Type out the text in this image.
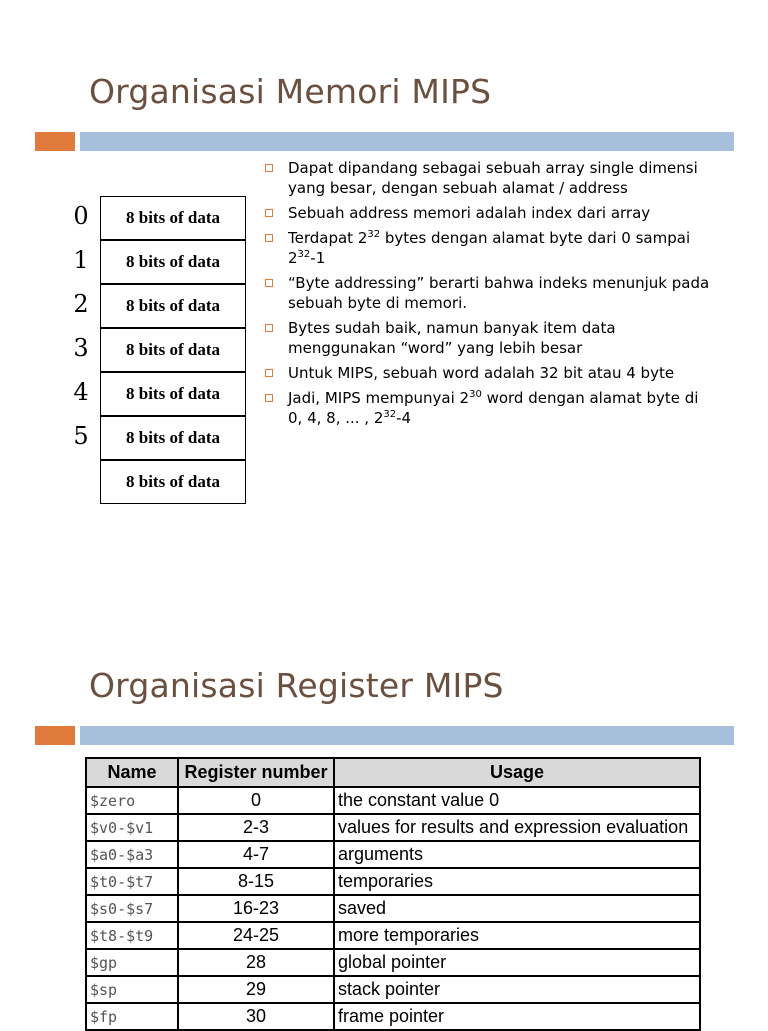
Organisasi Memori MIPS
0	8 bits of data
1	8 bits of data
2	8 bits of data
3	8 bits of data
4	8 bits of data
5	8 bits of data
8 bits of data
Dapat dipandang sebagai sebuah array single dimensi yang besar, dengan sebuah alamat / address
Sebuah address memori adalah index dari array
Terdapat $2^{32}$ bytes dengan alamat byte dari 0 sampai $2^{32}-1$
“Byte addressing” berarti bahwa indeks menunjuk pada sebuah byte di memori.
Bytes sudah baik, namun banyak item data menggunakan “word” yang lebih besar
Untuk MIPS, sebuah word adalah 32 bit atau 4 byte
Jadi, MIPS mempunyai $2^{30}$ word dengan alamat byte di 0, 4, 8, ... , $2^{32}-4$
Organisasi Register MIPS
Name	Register number	Usage
$zero	0	the constant value 0
$v0-$v1	2-3	values for results and expression evaluation
$a0-$a3	4-7	arguments
$t0-$t7	8-15	temporaries
$s0-$s7	16-23	saved
$t8-$t9	24-25	more temporaries
$gp	28	global pointer
$sp	29	stack pointer
$fp	30	frame pointer
